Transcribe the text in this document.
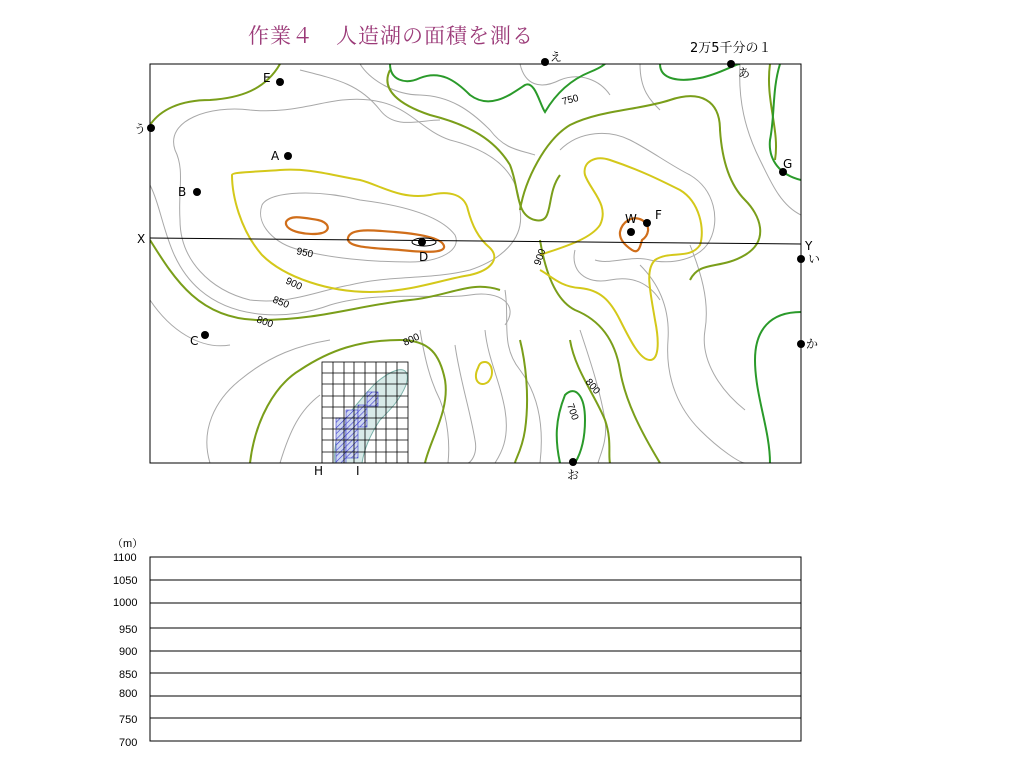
作業４　人造湖の面積を測る
2万5千分の１
950
900
850
800
800
750
900
800
700
E
う
A
B
C
D
X	Y
え
あ
G
W F
い
か
お
H	I
（m）
1100
1050
1000
950
900
850
800
750
700
